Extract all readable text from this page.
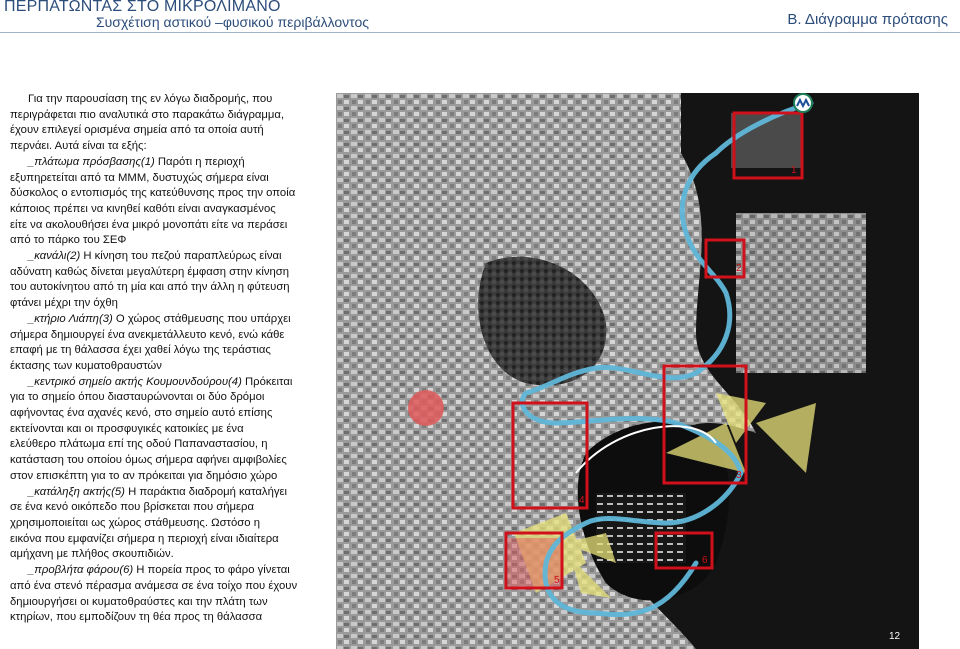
ΠΕΡΠΑΤΩΝΤΑΣ ΣΤΟ ΜΙΚΡΟΛΙΜΑΝΟ
Συσχέτιση αστικού –φυσικού περιβάλλοντος	Β. Διάγραμμα πρότασης

Για την παρουσίαση της εν λόγω διαδρομής, που

περιγράφεται πιο αναλυτικά στο παρακάτω διάγραμμα,

έχουν επιλεγεί ορισμένα σημεία από τα οποία αυτή

περνάει. Αυτά είναι τα εξής:

_πλάτωμα πρόσβασης(1) Παρότι η περιοχή

εξυπηρετείται από τα ΜΜΜ, δυστυχώς σήμερα είναι

δύσκολος ο εντοπισμός της κατεύθυνσης προς την οποία

κάποιος πρέπει να κινηθεί καθότι είναι αναγκασμένος

είτε να ακολουθήσει ένα μικρό μονοπάτι είτε να περάσει

από το πάρκο του ΣΕΦ

_κανάλι(2) Η κίνηση του πεζού παραπλεύρως είναι

αδύνατη καθώς δίνεται μεγαλύτερη έμφαση στην κίνηση

του αυτοκίνητου από τη μία και από την άλλη η φύτευση

φτάνει μέχρι την όχθη

_κτήριο Λιάπη(3) Ο χώρος στάθμευσης που υπάρχει

σήμερα δημιουργεί ένα ανεκμετάλλευτο κενό, ενώ κάθε

επαφή με τη θάλασσα έχει χαθεί λόγω της τεράστιας

έκτασης των κυματοθραυστών

_κεντρικό σημείο ακτής Κουμουνδούρου(4) Πρόκειται

για το σημείο όπου διασταυρώνονται οι δύο δρόμοι

αφήνοντας ένα αχανές κενό, στο σημείο αυτό επίσης

εκτείνονται και οι προσφυγικές κατοικίες με ένα

ελεύθερο πλάτωμα επί της οδού Παπαναστασίου, η

κατάσταση του οποίου όμως σήμερα αφήνει αμφιβολίες

στον επισκέπτη για το αν πρόκειται για δημόσιο χώρο

_κατάληξη ακτής(5) Η παράκτια διαδρομή καταλήγει

σε ένα κενό οικόπεδο που βρίσκεται που σήμερα

χρησιμοποιείται ως χώρος στάθμευσης. Ωστόσο η

εικόνα που εμφανίζει σήμερα η περιοχή είναι ιδιαίτερα

αμήχανη με πλήθος σκουπιδιών.

_προβλήτα φάρου(6) Η πορεία προς το φάρο γίνεται

από ένα στενό πέρασμα ανάμεσα σε ένα τοίχο που έχουν

δημιουργήσει οι κυματοθραύστες και την πλάτη των

κτηρίων, που εμποδίζουν τη θέα προς τη θάλασσα

1
2
3
4
5
6
12
